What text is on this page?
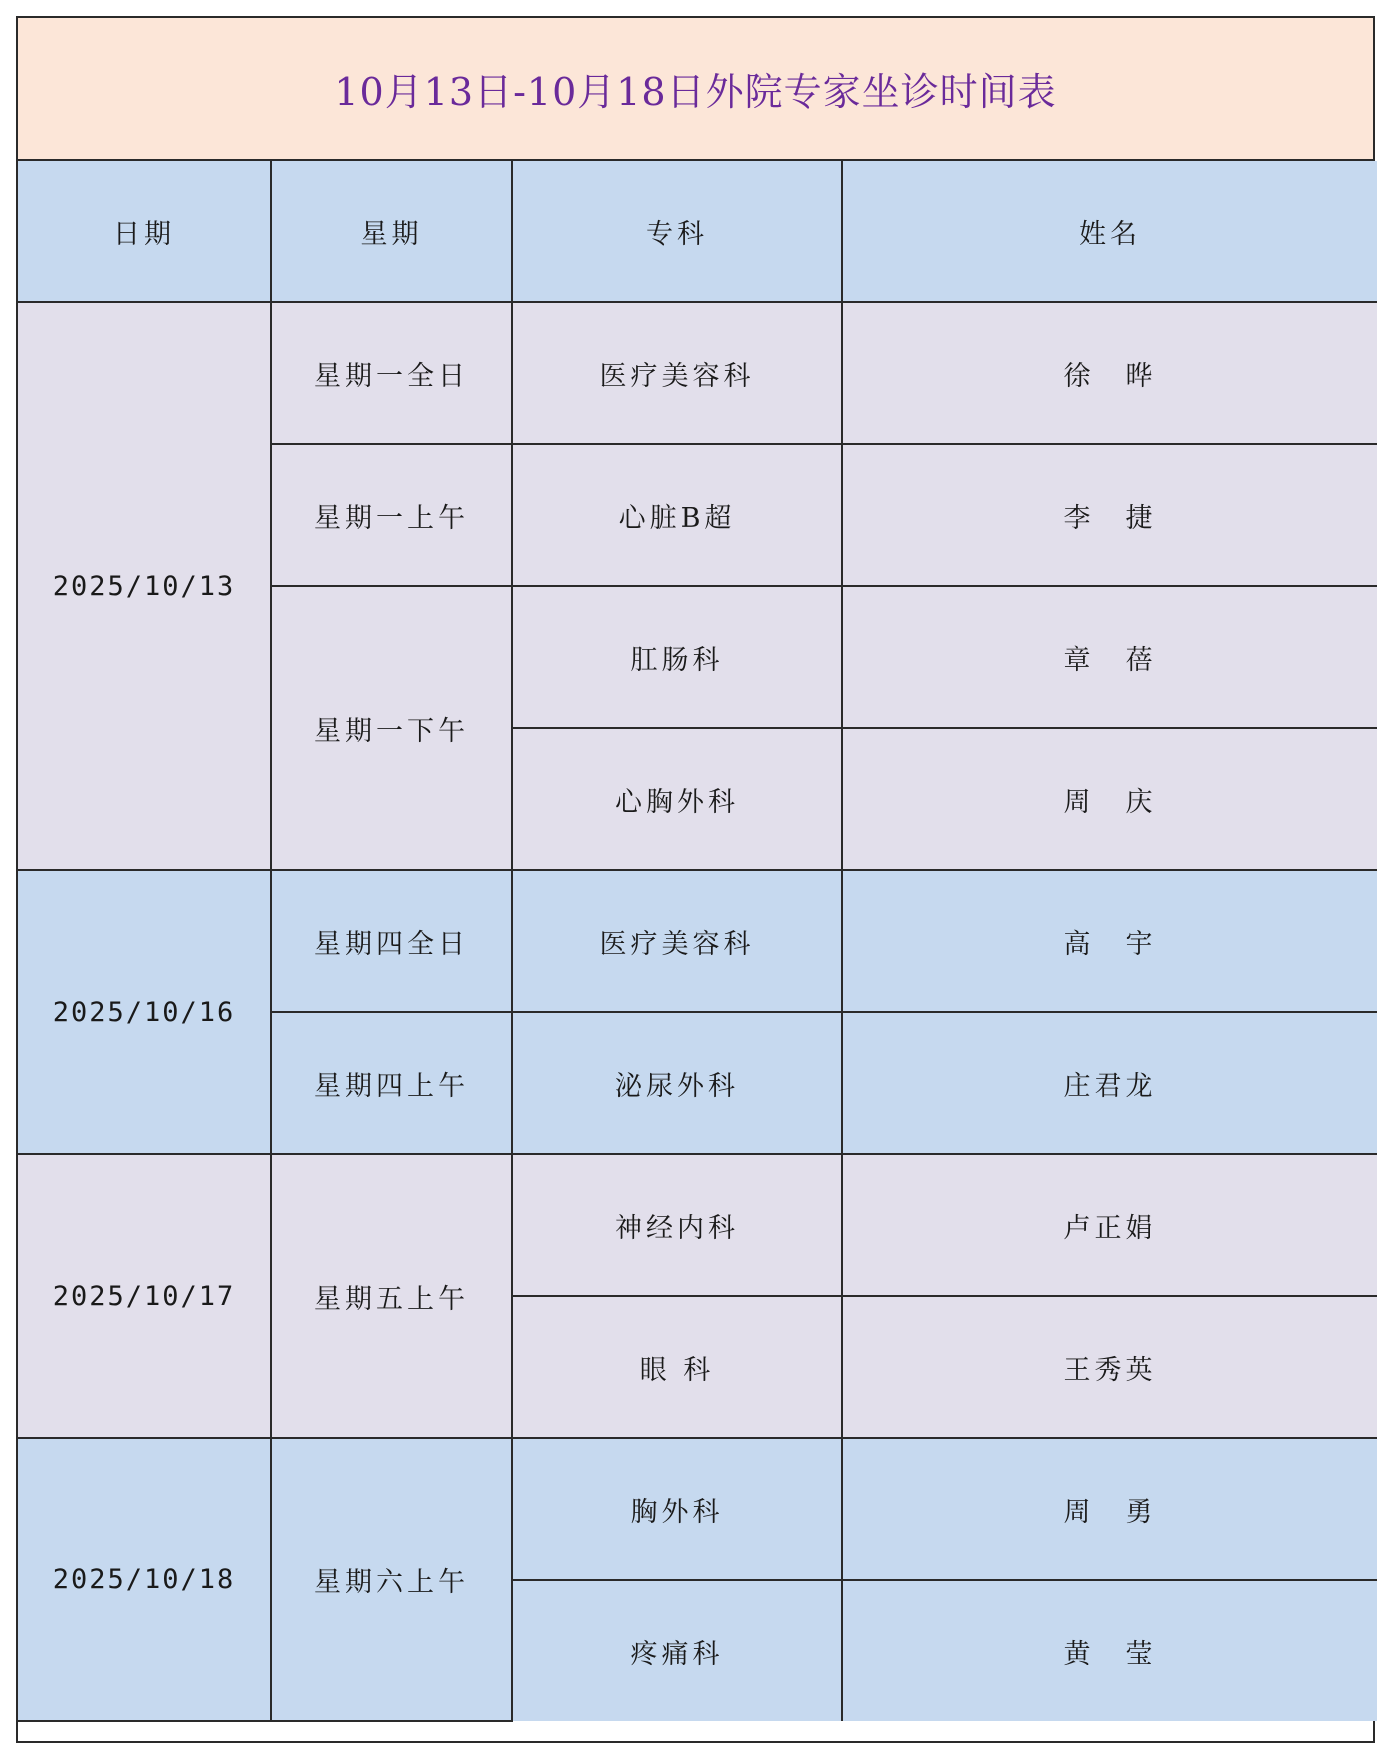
10月13日-10月18日外院专家坐诊时间表
日期	星期	专科	姓名
2025/10/13	星期一全日	医疗美容科	徐　晔
	星期一上午	心脏B超	李　捷
	星期一下午	肛肠科	章　蓓
		心胸外科	周　庆
2025/10/16	星期四全日	医疗美容科	高　宇
	星期四上午	泌尿外科	庄君龙
2025/10/17	星期五上午	神经内科	卢正娟
		眼 科	王秀英
2025/10/18	星期六上午	胸外科	周　勇
		疼痛科	黄　莹
